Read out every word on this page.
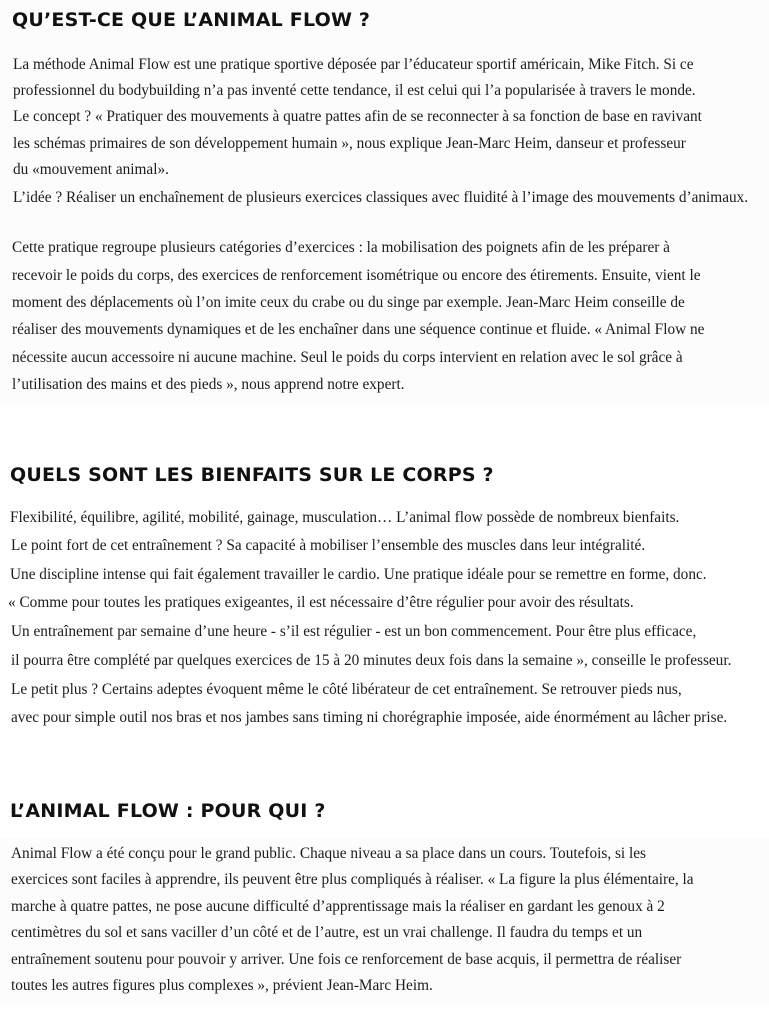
QU’EST-CE QUE L’ANIMAL FLOW ?
La méthode Animal Flow est une pratique sportive déposée par l’éducateur sportif américain, Mike Fitch. Si ce
professionnel du bodybuilding n’a pas inventé cette tendance, il est celui qui l’a popularisée à travers le monde.
Le concept ? « Pratiquer des mouvements à quatre pattes afin de se reconnecter à sa fonction de base en ravivant
les schémas primaires de son développement humain », nous explique Jean-Marc Heim, danseur et professeur
du «mouvement animal».
L’idée ? Réaliser un enchaînement de plusieurs exercices classiques avec fluidité à l’image des mouvements d’animaux.
Cette pratique regroupe plusieurs catégories d’exercices : la mobilisation des poignets afin de les préparer à
recevoir le poids du corps, des exercices de renforcement isométrique ou encore des étirements. Ensuite, vient le
moment des déplacements où l’on imite ceux du crabe ou du singe par exemple. Jean-Marc Heim conseille de
réaliser des mouvements dynamiques et de les enchaîner dans une séquence continue et fluide. « Animal Flow ne
nécessite aucun accessoire ni aucune machine. Seul le poids du corps intervient en relation avec le sol grâce à
l’utilisation des mains et des pieds », nous apprend notre expert.
QUELS SONT LES BIENFAITS SUR LE CORPS ?
Flexibilité, équilibre, agilité, mobilité, gainage, musculation… L’animal flow possède de nombreux bienfaits.
Le point fort de cet entraînement ? Sa capacité à mobiliser l’ensemble des muscles dans leur intégralité.
Une discipline intense qui fait également travailler le cardio. Une pratique idéale pour se remettre en forme, donc.
« Comme pour toutes les pratiques exigeantes, il est nécessaire d’être régulier pour avoir des résultats.
Un entraînement par semaine d’une heure - s’il est régulier - est un bon commencement. Pour être plus efficace,
il pourra être complété par quelques exercices de 15 à 20 minutes deux fois dans la semaine », conseille le professeur.
Le petit plus ? Certains adeptes évoquent même le côté libérateur de cet entraînement. Se retrouver pieds nus,
avec pour simple outil nos bras et nos jambes sans timing ni chorégraphie imposée, aide énormément au lâcher prise.
L’ANIMAL FLOW : POUR QUI ?
Animal Flow a été conçu pour le grand public. Chaque niveau a sa place dans un cours. Toutefois, si les
exercices sont faciles à apprendre, ils peuvent être plus compliqués à réaliser. « La figure la plus élémentaire, la
marche à quatre pattes, ne pose aucune difficulté d’apprentissage mais la réaliser en gardant les genoux à 2
centimètres du sol et sans vaciller d’un côté et de l’autre, est un vrai challenge. Il faudra du temps et un
entraînement soutenu pour pouvoir y arriver. Une fois ce renforcement de base acquis, il permettra de réaliser
toutes les autres figures plus complexes », prévient Jean-Marc Heim.
